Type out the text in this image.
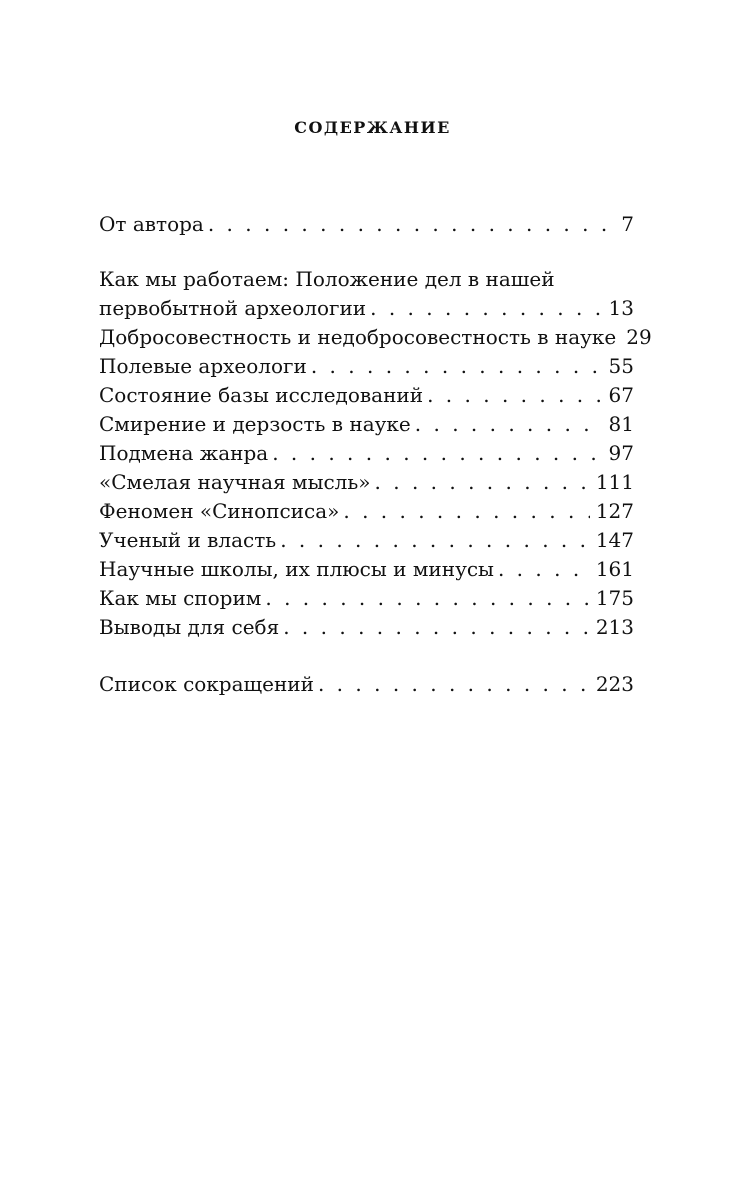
содержание
От автора . . .	7
Как мы работаем: Положение дел в нашей
первобытной археологии . . .	13
Добросовестность и недобросовестность в науке 29
Полевые археологи . . .	55
Состояние базы исследований . . .	67
Смирение и дерзость в науке . . .	81
Подмена жанра . . .	97
«Смелая научная мысль» . . .	111
Феномен «Синопсиса» . . .	127
Ученый и власть . . .	147
Научные школы, их плюсы и минусы . . .	161
Как мы спорим . . .	175
Выводы для себя . . .	213
Список сокращений . . .	223
